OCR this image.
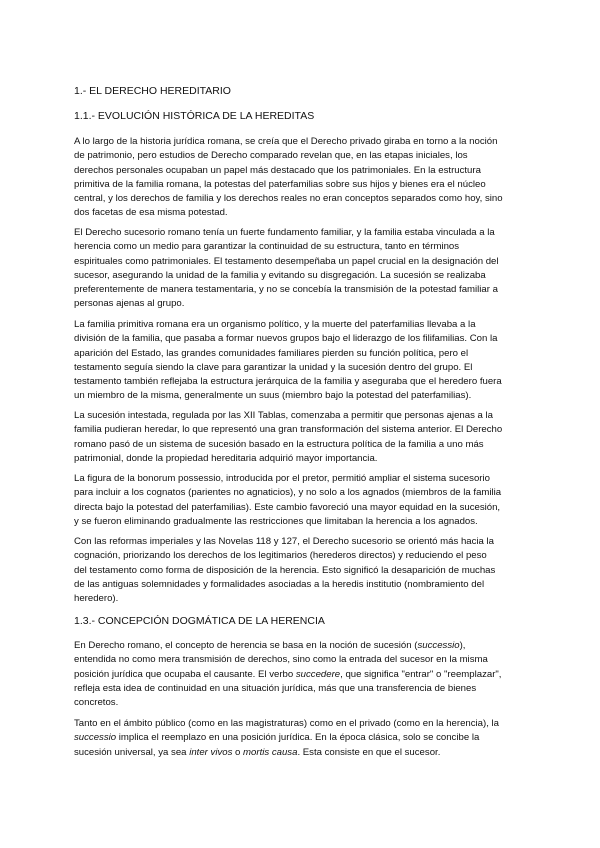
1.- EL DERECHO HEREDITARIO
1.1.- EVOLUCIÓN HISTÓRICA DE LA HEREDITAS
A lo largo de la historia jurídica romana, se creía que el Derecho privado giraba en torno a la noción
de patrimonio, pero estudios de Derecho comparado revelan que, en las etapas iniciales, los
derechos personales ocupaban un papel más destacado que los patrimoniales. En la estructura
primitiva de la familia romana, la potestas del paterfamilias sobre sus hijos y bienes era el núcleo
central, y los derechos de familia y los derechos reales no eran conceptos separados como hoy, sino
dos facetas de esa misma potestad.
El Derecho sucesorio romano tenía un fuerte fundamento familiar, y la familia estaba vinculada a la
herencia como un medio para garantizar la continuidad de su estructura, tanto en términos
espirituales como patrimoniales. El testamento desempeñaba un papel crucial en la designación del
sucesor, asegurando la unidad de la familia y evitando su disgregación. La sucesión se realizaba
preferentemente de manera testamentaria, y no se concebía la transmisión de la potestad familiar a
personas ajenas al grupo.
La familia primitiva romana era un organismo político, y la muerte del paterfamilias llevaba a la
división de la familia, que pasaba a formar nuevos grupos bajo el liderazgo de los filifamilias. Con la
aparición del Estado, las grandes comunidades familiares pierden su función política, pero el
testamento seguía siendo la clave para garantizar la unidad y la sucesión dentro del grupo. El
testamento también reflejaba la estructura jerárquica de la familia y aseguraba que el heredero fuera
un miembro de la misma, generalmente un suus (miembro bajo la potestad del paterfamilias).
La sucesión intestada, regulada por las XII Tablas, comenzaba a permitir que personas ajenas a la
familia pudieran heredar, lo que representó una gran transformación del sistema anterior. El Derecho
romano pasó de un sistema de sucesión basado en la estructura política de la familia a uno más
patrimonial, donde la propiedad hereditaria adquirió mayor importancia.
La figura de la bonorum possessio, introducida por el pretor, permitió ampliar el sistema sucesorio
para incluir a los cognatos (parientes no agnaticios), y no solo a los agnados (miembros de la familia
directa bajo la potestad del paterfamilias). Este cambio favoreció una mayor equidad en la sucesión,
y se fueron eliminando gradualmente las restricciones que limitaban la herencia a los agnados.
Con las reformas imperiales y las Novelas 118 y 127, el Derecho sucesorio se orientó más hacia la
cognación, priorizando los derechos de los legitimarios (herederos directos) y reduciendo el peso
del testamento como forma de disposición de la herencia. Esto significó la desaparición de muchas
de las antiguas solemnidades y formalidades asociadas a la heredis institutio (nombramiento del
heredero).
1.3.- CONCEPCIÓN DOGMÁTICA DE LA HERENCIA
En Derecho romano, el concepto de herencia se basa en la noción de sucesión (successio),
entendida no como mera transmisión de derechos, sino como la entrada del sucesor en la misma
posición jurídica que ocupaba el causante. El verbo succedere, que significa "entrar" o "reemplazar",
refleja esta idea de continuidad en una situación jurídica, más que una transferencia de bienes
concretos.
Tanto en el ámbito público (como en las magistraturas) como en el privado (como en la herencia), la
successio implica el reemplazo en una posición jurídica. En la época clásica, solo se concibe la
sucesión universal, ya sea inter vivos o mortis causa. Esta consiste en que el sucesor.
